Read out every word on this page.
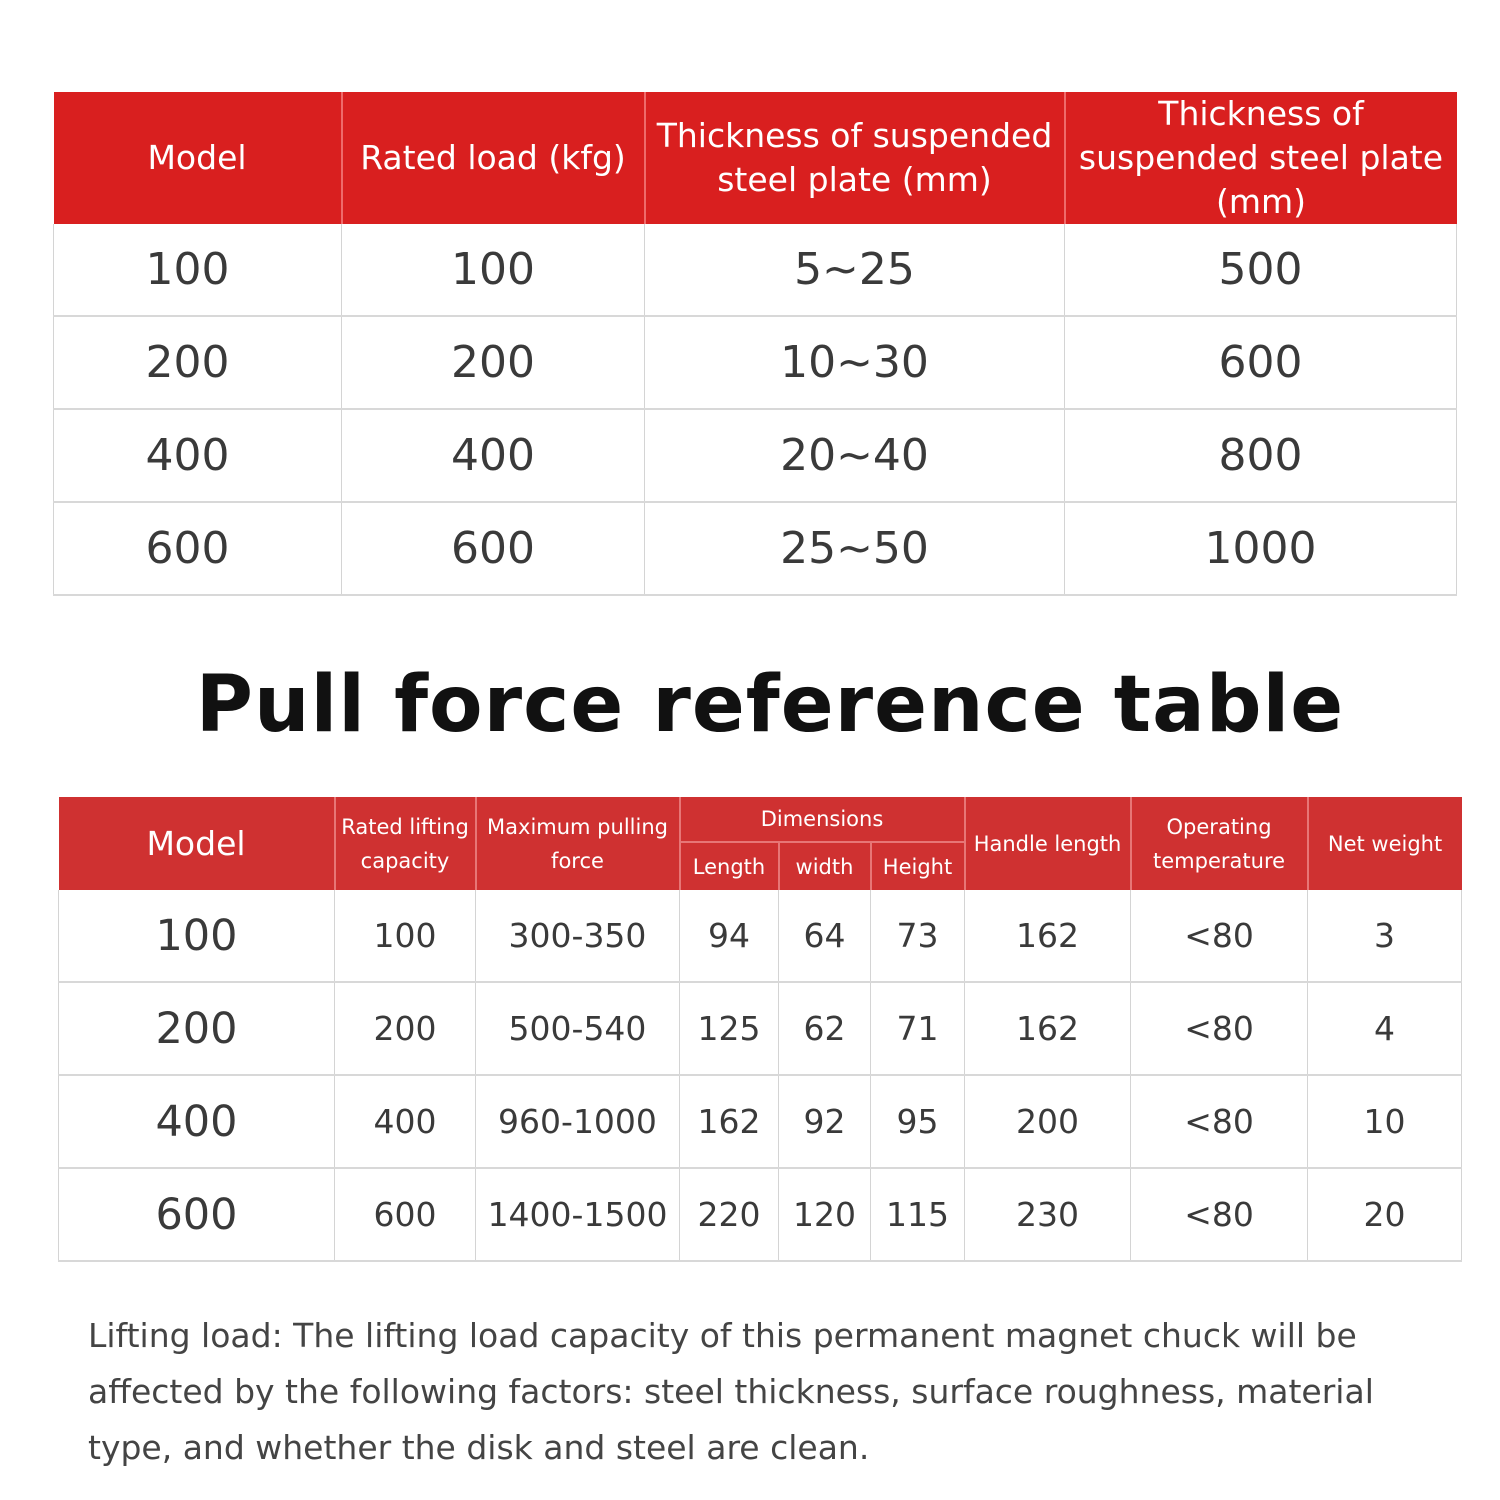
Model	Rated load (kfg)	Thickness of suspended steel plate (mm)	Thickness of suspended steel plate (mm)
100	100	5~25	500
200	200	10~30	600
400	400	20~40	800
600	600	25~50	1000
Pull force reference table
Model	Rated lifting capacity	Maximum pulling force	Dimensions			Handle length	Operating temperature	Net weight
			Length	width	Height			
100	100	300-350	94	64	73	162	<80	3
200	200	500-540	125	62	71	162	<80	4
400	400	960-1000	162	92	95	200	<80	10
600	600	1400-1500	220	120	115	230	<80	20

Lifting load: The lifting load capacity of this permanent magnet chuck will be affected by the following factors: steel thickness, surface roughness, material type, and whether the disk and steel are clean.
